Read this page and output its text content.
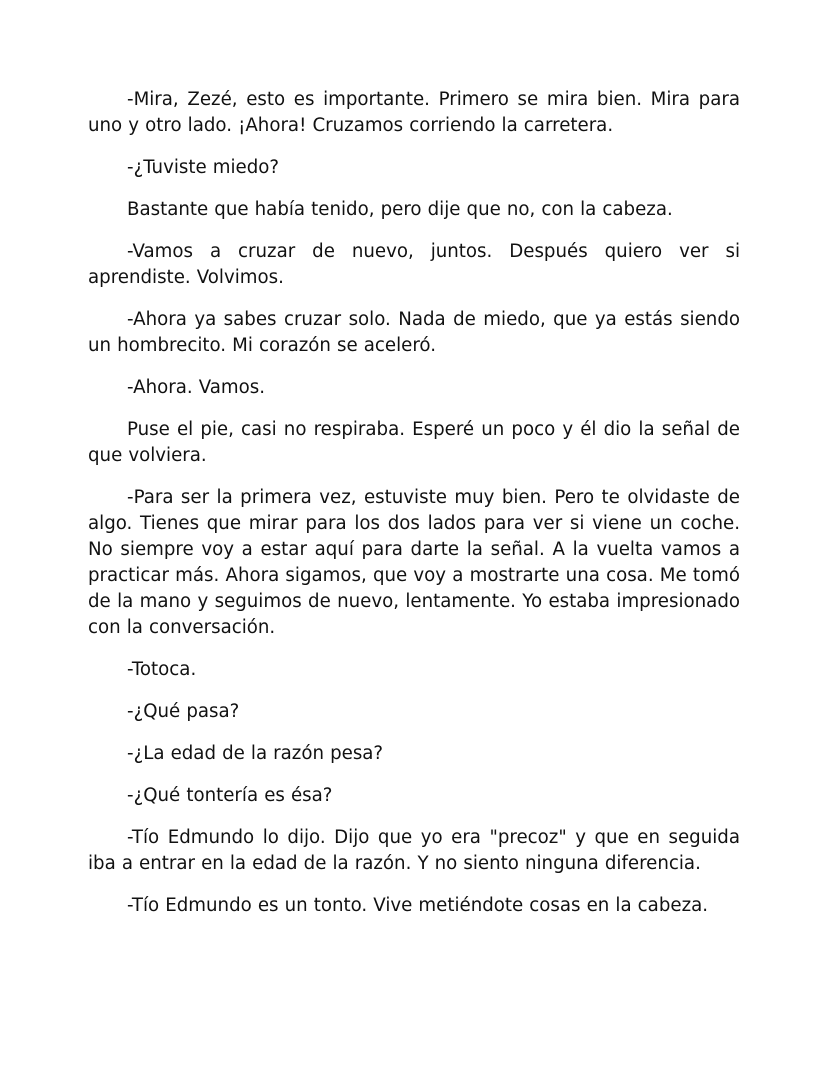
-Mira, Zezé, esto es importante. Primero se mira bien. Mira para uno y otro lado. ¡Ahora! Cruzamos corriendo la carretera.

-¿Tuviste miedo?

Bastante que había tenido, pero dije que no, con la cabeza.

-Vamos a cruzar de nuevo, juntos. Después quiero ver si aprendiste. Volvimos.

-Ahora ya sabes cruzar solo. Nada de miedo, que ya estás siendo un hombrecito. Mi corazón se aceleró.

-Ahora. Vamos.

Puse el pie, casi no respiraba. Esperé un poco y él dio la señal de que volviera.

-Para ser la primera vez, estuviste muy bien. Pero te olvidaste de algo. Tienes que mirar para los dos lados para ver si viene un coche. No siempre voy a estar aquí para darte la señal. A la vuelta vamos a practicar más. Ahora sigamos, que voy a mostrarte una cosa. Me tomó de la mano y seguimos de nuevo, lentamente. Yo estaba impresionado con la conversación.

-Totoca.

-¿Qué pasa?

-¿La edad de la razón pesa?

-¿Qué tontería es ésa?

-Tío Edmundo lo dijo. Dijo que yo era "precoz" y que en seguida iba a entrar en la edad de la razón. Y no siento ninguna diferencia.

-Tío Edmundo es un tonto. Vive metiéndote cosas en la cabeza.
